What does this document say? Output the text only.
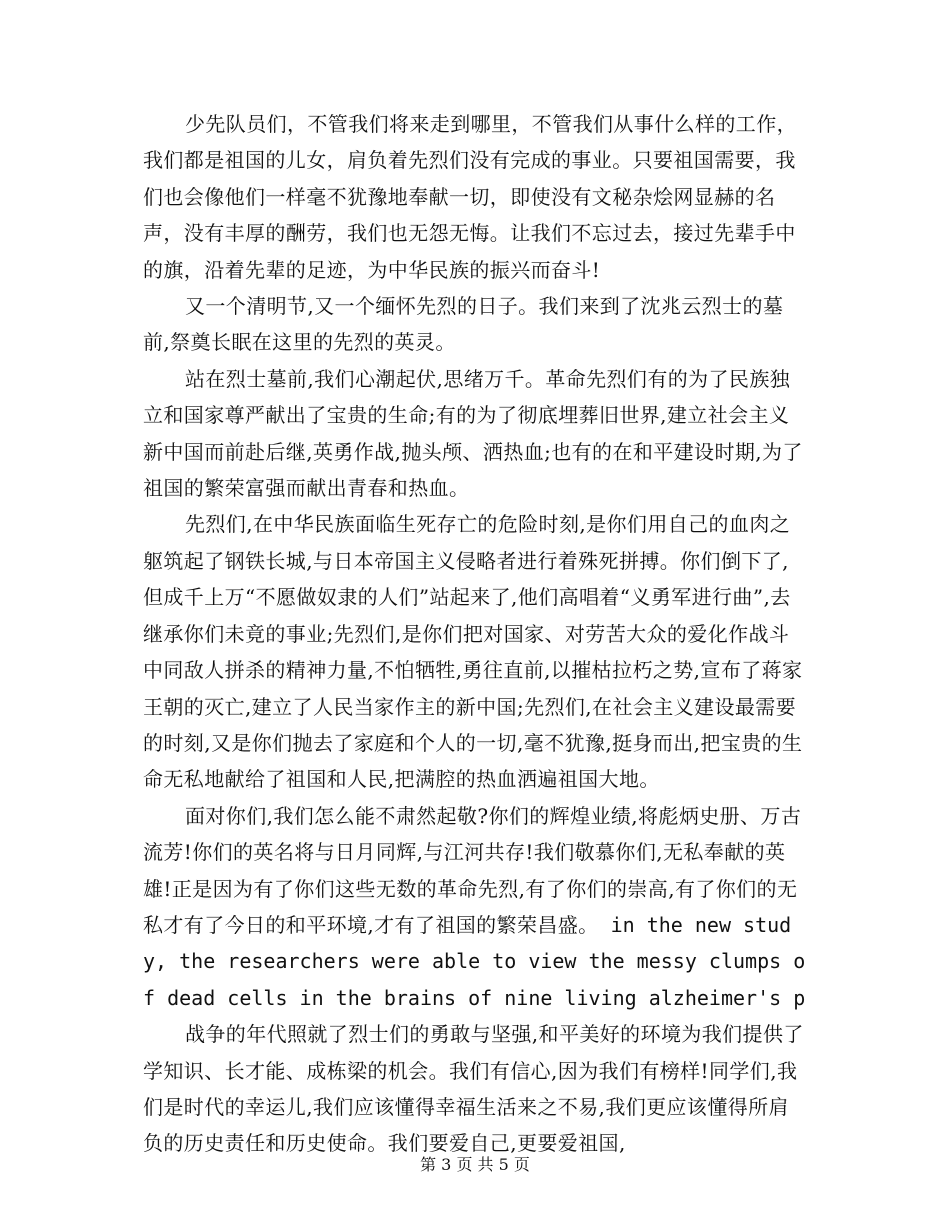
少先队员们，不管我们将来走到哪里，不管我们从事什么样的工作，我们都是祖国的儿女，肩负着先烈们没有完成的事业。只要祖国需要，我们也会像他们一样毫不犹豫地奉献一切，即使没有文秘杂烩网显赫的名声，没有丰厚的酬劳，我们也无怨无悔。让我们不忘过去，接过先辈手中的旗，沿着先辈的足迹，为中华民族的振兴而奋斗!

又一个清明节,又一个缅怀先烈的日子。我们来到了沈兆云烈士的墓前,祭奠长眠在这里的先烈的英灵。

站在烈士墓前,我们心潮起伏,思绪万千。革命先烈们有的为了民族独立和国家尊严献出了宝贵的生命;有的为了彻底埋葬旧世界,建立社会主义新中国而前赴后继,英勇作战,抛头颅、洒热血;也有的在和平建设时期,为了祖国的繁荣富强而献出青春和热血。

先烈们,在中华民族面临生死存亡的危险时刻,是你们用自己的血肉之躯筑起了钢铁长城,与日本帝国主义侵略者进行着殊死拼搏。你们倒下了,但成千上万“不愿做奴隶的人们”站起来了,他们高唱着“义勇军进行曲”,去继承你们未竟的事业;先烈们,是你们把对国家、对劳苦大众的爱化作战斗中同敌人拼杀的精神力量,不怕牺牲,勇往直前,以摧枯拉朽之势,宣布了蒋家王朝的灭亡,建立了人民当家作主的新中国;先烈们,在社会主义建设最需要的时刻,又是你们抛去了家庭和个人的一切,毫不犹豫,挺身而出,把宝贵的生命无私地献给了祖国和人民,把满腔的热血洒遍祖国大地。

面对你们,我们怎么能不肃然起敬?你们的辉煌业绩,将彪炳史册、万古流芳!你们的英名将与日月同辉,与江河共存!我们敬慕你们,无私奉献的英雄!正是因为有了你们这些无数的革命先烈,有了你们的崇高,有了你们的无私才有了今日的和平环境,才有了祖国的繁荣昌盛。 in the new study, the researchers were able to view the messy clumps of dead cells in the brains of nine living alzheimer's p

战争的年代照就了烈士们的勇敢与坚强,和平美好的环境为我们提供了学知识、长才能、成栋梁的机会。我们有信心,因为我们有榜样!同学们,我们是时代的幸运儿,我们应该懂得幸福生活来之不易,我们更应该懂得所肩负的历史责任和历史使命。我们要爱自己,更要爱祖国,

第 3 页 共 5 页
